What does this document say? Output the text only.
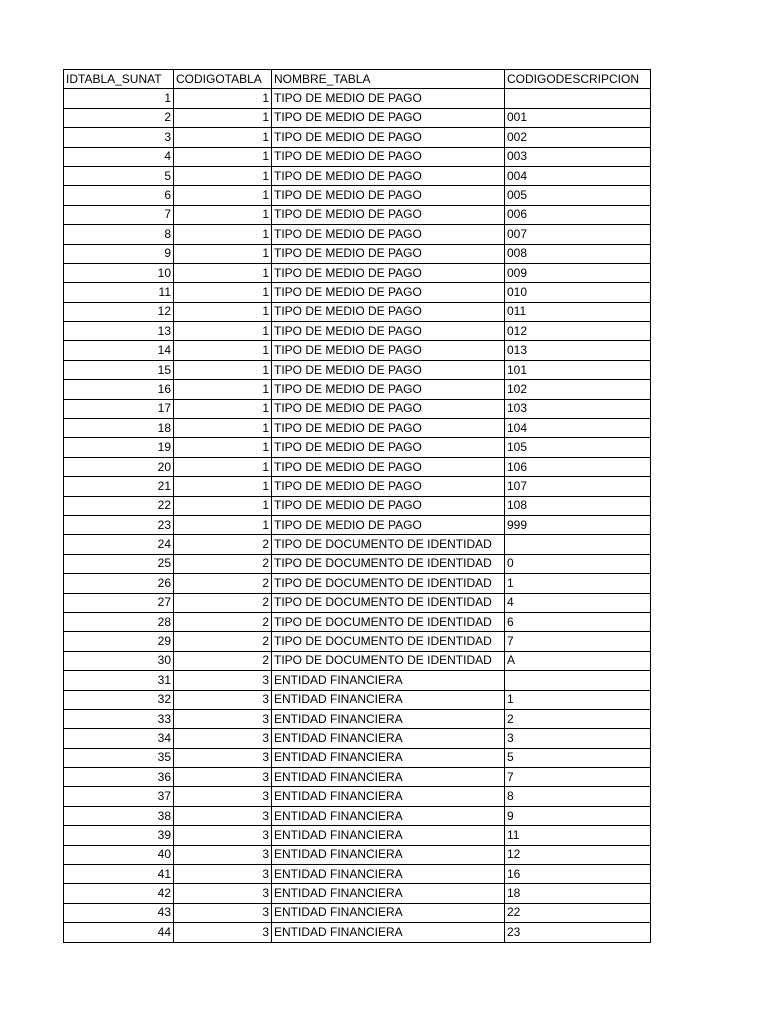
IDTABLA_SUNAT	CODIGOTABLA	NOMBRE_TABLA	CODIGODESCRIPCION
1	1	TIPO DE MEDIO DE PAGO	
2	1	TIPO DE MEDIO DE PAGO	001
3	1	TIPO DE MEDIO DE PAGO	002
4	1	TIPO DE MEDIO DE PAGO	003
5	1	TIPO DE MEDIO DE PAGO	004
6	1	TIPO DE MEDIO DE PAGO	005
7	1	TIPO DE MEDIO DE PAGO	006
8	1	TIPO DE MEDIO DE PAGO	007
9	1	TIPO DE MEDIO DE PAGO	008
10	1	TIPO DE MEDIO DE PAGO	009
11	1	TIPO DE MEDIO DE PAGO	010
12	1	TIPO DE MEDIO DE PAGO	011
13	1	TIPO DE MEDIO DE PAGO	012
14	1	TIPO DE MEDIO DE PAGO	013
15	1	TIPO DE MEDIO DE PAGO	101
16	1	TIPO DE MEDIO DE PAGO	102
17	1	TIPO DE MEDIO DE PAGO	103
18	1	TIPO DE MEDIO DE PAGO	104
19	1	TIPO DE MEDIO DE PAGO	105
20	1	TIPO DE MEDIO DE PAGO	106
21	1	TIPO DE MEDIO DE PAGO	107
22	1	TIPO DE MEDIO DE PAGO	108
23	1	TIPO DE MEDIO DE PAGO	999
24	2	TIPO DE DOCUMENTO DE IDENTIDAD	
25	2	TIPO DE DOCUMENTO DE IDENTIDAD	0
26	2	TIPO DE DOCUMENTO DE IDENTIDAD	1
27	2	TIPO DE DOCUMENTO DE IDENTIDAD	4
28	2	TIPO DE DOCUMENTO DE IDENTIDAD	6
29	2	TIPO DE DOCUMENTO DE IDENTIDAD	7
30	2	TIPO DE DOCUMENTO DE IDENTIDAD	A
31	3	ENTIDAD FINANCIERA	
32	3	ENTIDAD FINANCIERA	1
33	3	ENTIDAD FINANCIERA	2
34	3	ENTIDAD FINANCIERA	3
35	3	ENTIDAD FINANCIERA	5
36	3	ENTIDAD FINANCIERA	7
37	3	ENTIDAD FINANCIERA	8
38	3	ENTIDAD FINANCIERA	9
39	3	ENTIDAD FINANCIERA	11
40	3	ENTIDAD FINANCIERA	12
41	3	ENTIDAD FINANCIERA	16
42	3	ENTIDAD FINANCIERA	18
43	3	ENTIDAD FINANCIERA	22
44	3	ENTIDAD FINANCIERA	23
